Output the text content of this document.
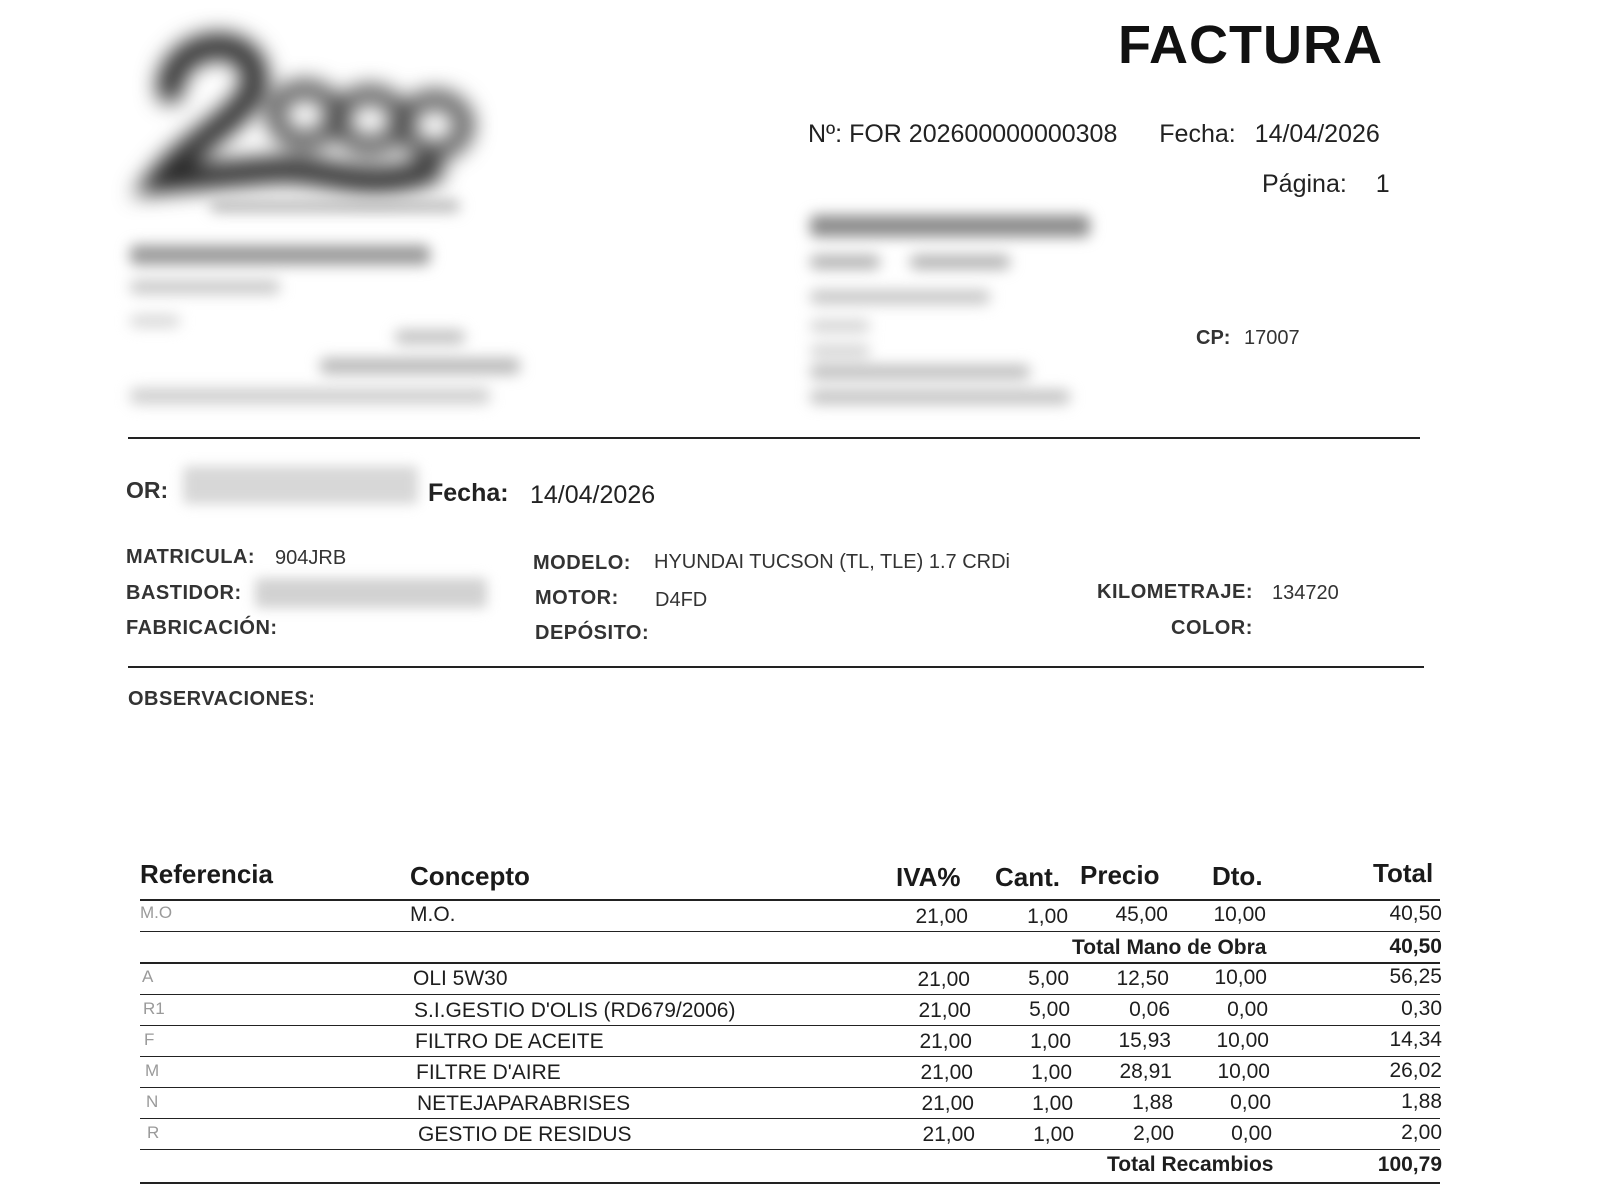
FACTURA
Nº: FOR 202600000000308 Fecha: 14/04/2026
Página: 1
CP: 17007
OR:	Fecha: 14/04/2026
MATRICULA: 904JRB
BASTIDOR:
FABRICACIÓN:
MODELO: HYUNDAI TUCSON (TL, TLE) 1.7 CRDi
MOTOR: D4FD
DEPÓSITO:
KILOMETRAJE: 134720
COLOR:
OBSERVACIONES:
Referencia	Concepto	IVA% Cant. Precio Dto.	Total
M.O	M.O.	21,00	1,00	45,00	10,00	40,50
Total Mano de Obra	40,50
A	OLI 5W30	21,00	5,00	12,50	10,00	56,25
R1	S.I.GESTIO D'OLIS (RD679/2006)	21,00	5,00	0,06	0,00	0,30
F	FILTRO DE ACEITE	21,00	1,00	15,93	10,00	14,34
M	FILTRE D'AIRE	21,00	1,00	28,91	10,00	26,02
N	NETEJAPARABRISES	21,00	1,00	1,88	0,00	1,88
R	GESTIO DE RESIDUS	21,00	1,00	2,00	0,00	2,00
Total Recambios	100,79
